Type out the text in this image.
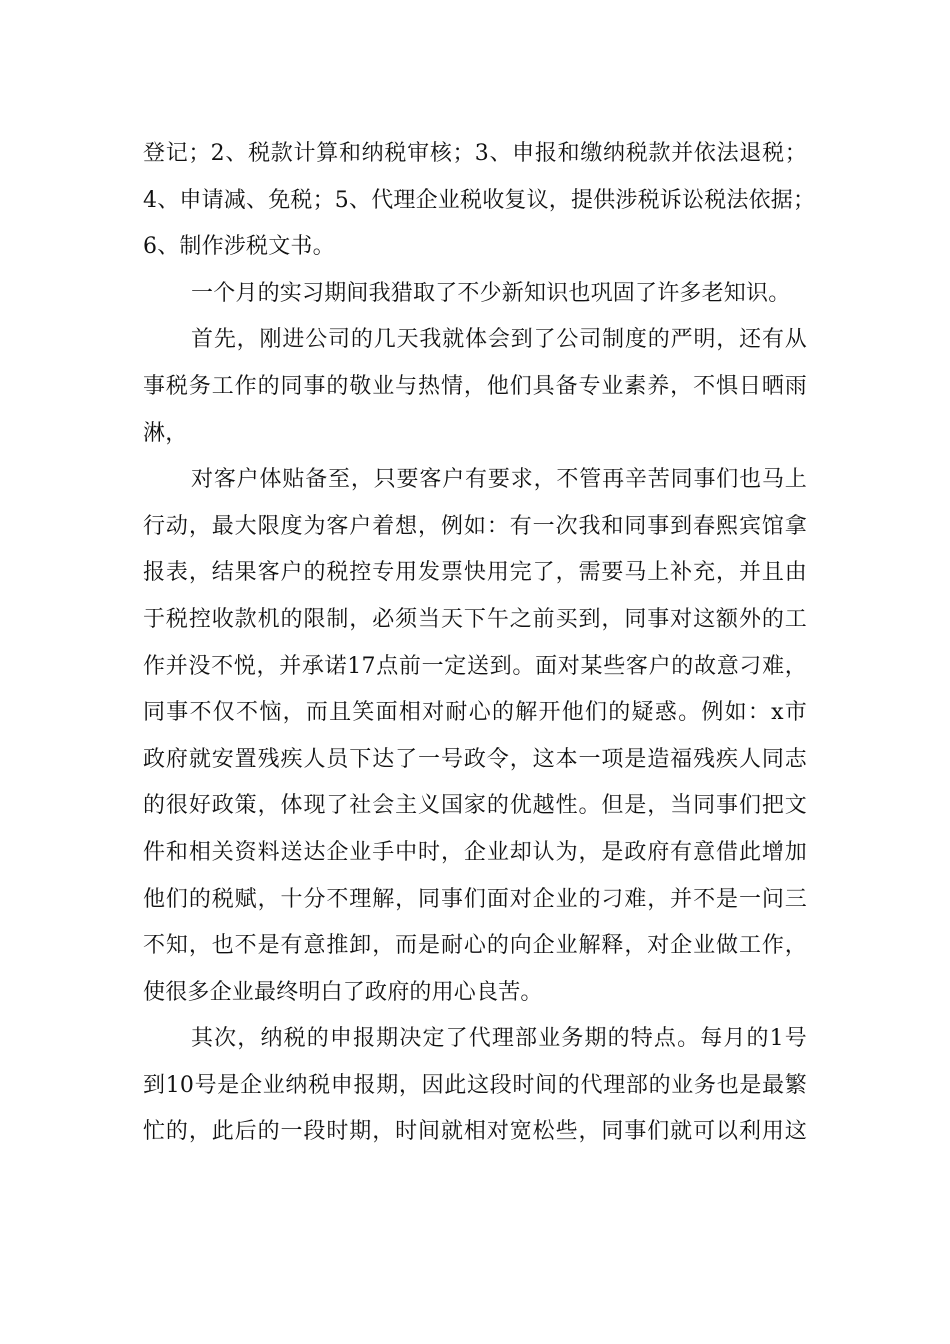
登记；2、税款计算和纳税审核；3、申报和缴纳税款并依法退税；
4、申请减、免税；5、代理企业税收复议，提供涉税诉讼税法依据；
6、制作涉税文书。
一个月的实习期间我猎取了不少新知识也巩固了许多老知识。
首先，刚进公司的几天我就体会到了公司制度的严明，还有从
事税务工作的同事的敬业与热情，他们具备专业素养，不惧日晒雨
淋，
对客户体贴备至，只要客户有要求，不管再辛苦同事们也马上
行动，最大限度为客户着想，例如：有一次我和同事到春熙宾馆拿
报表，结果客户的税控专用发票快用完了，需要马上补充，并且由
于税控收款机的限制，必须当天下午之前买到，同事对这额外的工
作并没不悦，并承诺17点前一定送到。面对某些客户的故意刁难，
同事不仅不恼，而且笑面相对耐心的解开他们的疑惑。例如：x市
政府就安置残疾人员下达了一号政令，这本一项是造福残疾人同志
的很好政策，体现了社会主义国家的优越性。但是，当同事们把文
件和相关资料送达企业手中时，企业却认为，是政府有意借此增加
他们的税赋，十分不理解，同事们面对企业的刁难，并不是一问三
不知，也不是有意推卸，而是耐心的向企业解释，对企业做工作，
使很多企业最终明白了政府的用心良苦。
其次，纳税的申报期决定了代理部业务期的特点。每月的1号
到10号是企业纳税申报期，因此这段时间的代理部的业务也是最繁
忙的，此后的一段时期，时间就相对宽松些，同事们就可以利用这
